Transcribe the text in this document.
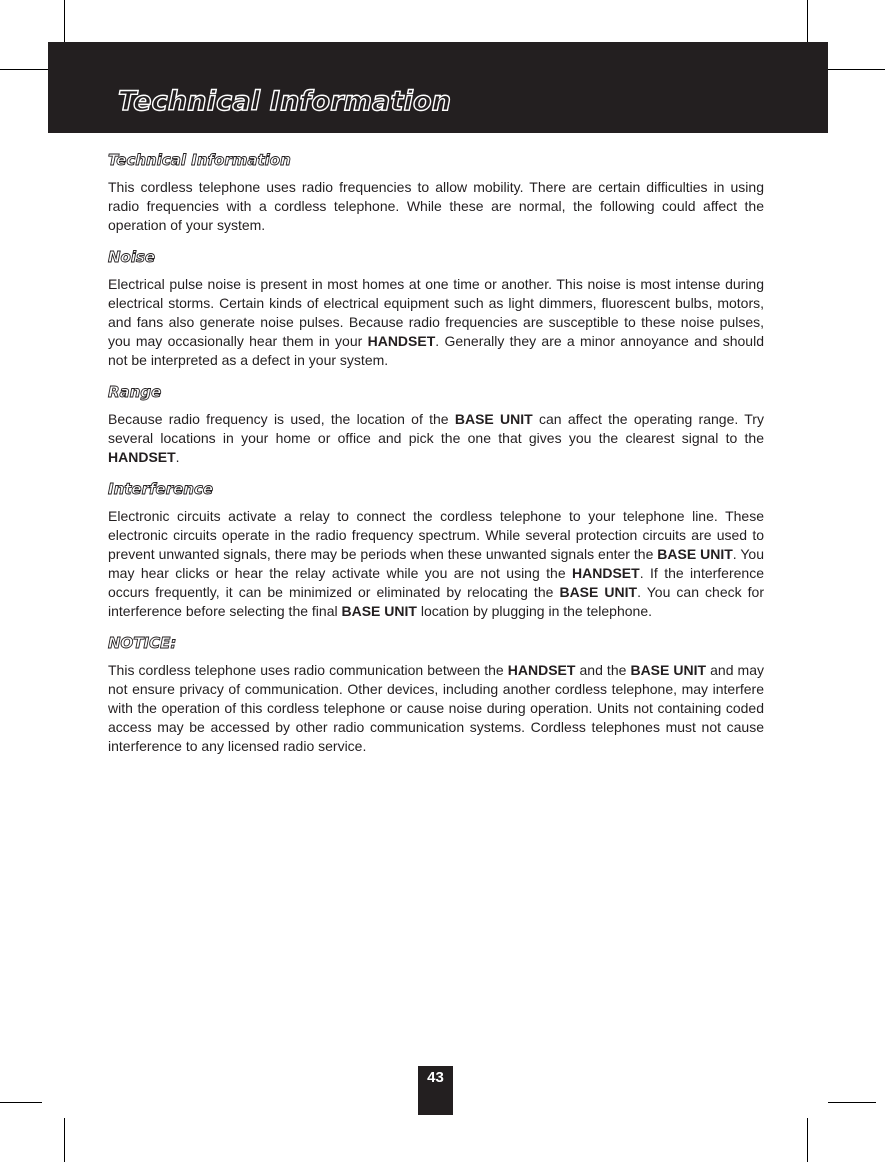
Technical Information
Technical Information

This cordless telephone uses radio frequencies to allow mobility. There are certain difficulties in using radio frequencies with a cordless telephone. While these are normal, the following could affect the operation of your system.

Noise

Electrical pulse noise is present in most homes at one time or another. This noise is most intense during electrical storms. Certain kinds of electrical equipment such as light dimmers, fluorescent bulbs, motors, and fans also generate noise pulses. Because radio frequencies are susceptible to these noise pulses, you may occasionally hear them in your HANDSET. Generally they are a minor annoyance and should not be interpreted as a defect in your system.

Range

Because radio frequency is used, the location of the BASE UNIT can affect the operating range. Try several locations in your home or office and pick the one that gives you the clearest signal to the HANDSET.

Interference

Electronic circuits activate a relay to connect the cordless telephone to your telephone line. These electronic circuits operate in the radio frequency spectrum. While several protection circuits are used to prevent unwanted signals, there may be periods when these unwanted signals enter the BASE UNIT. You may hear clicks or hear the relay activate while you are not using the HANDSET. If the interference occurs frequently, it can be minimized or eliminated by relocating the BASE UNIT. You can check for interference before selecting the final BASE UNIT location by plugging in the telephone.

NOTICE:

This cordless telephone uses radio communication between the HANDSET and the BASE UNIT and may not ensure privacy of communication. Other devices, including another cordless telephone, may interfere with the operation of this cordless telephone or cause noise during operation. Units not containing coded access may be accessed by other radio communication systems. Cordless telephones must not cause interference to any licensed radio service.

43
